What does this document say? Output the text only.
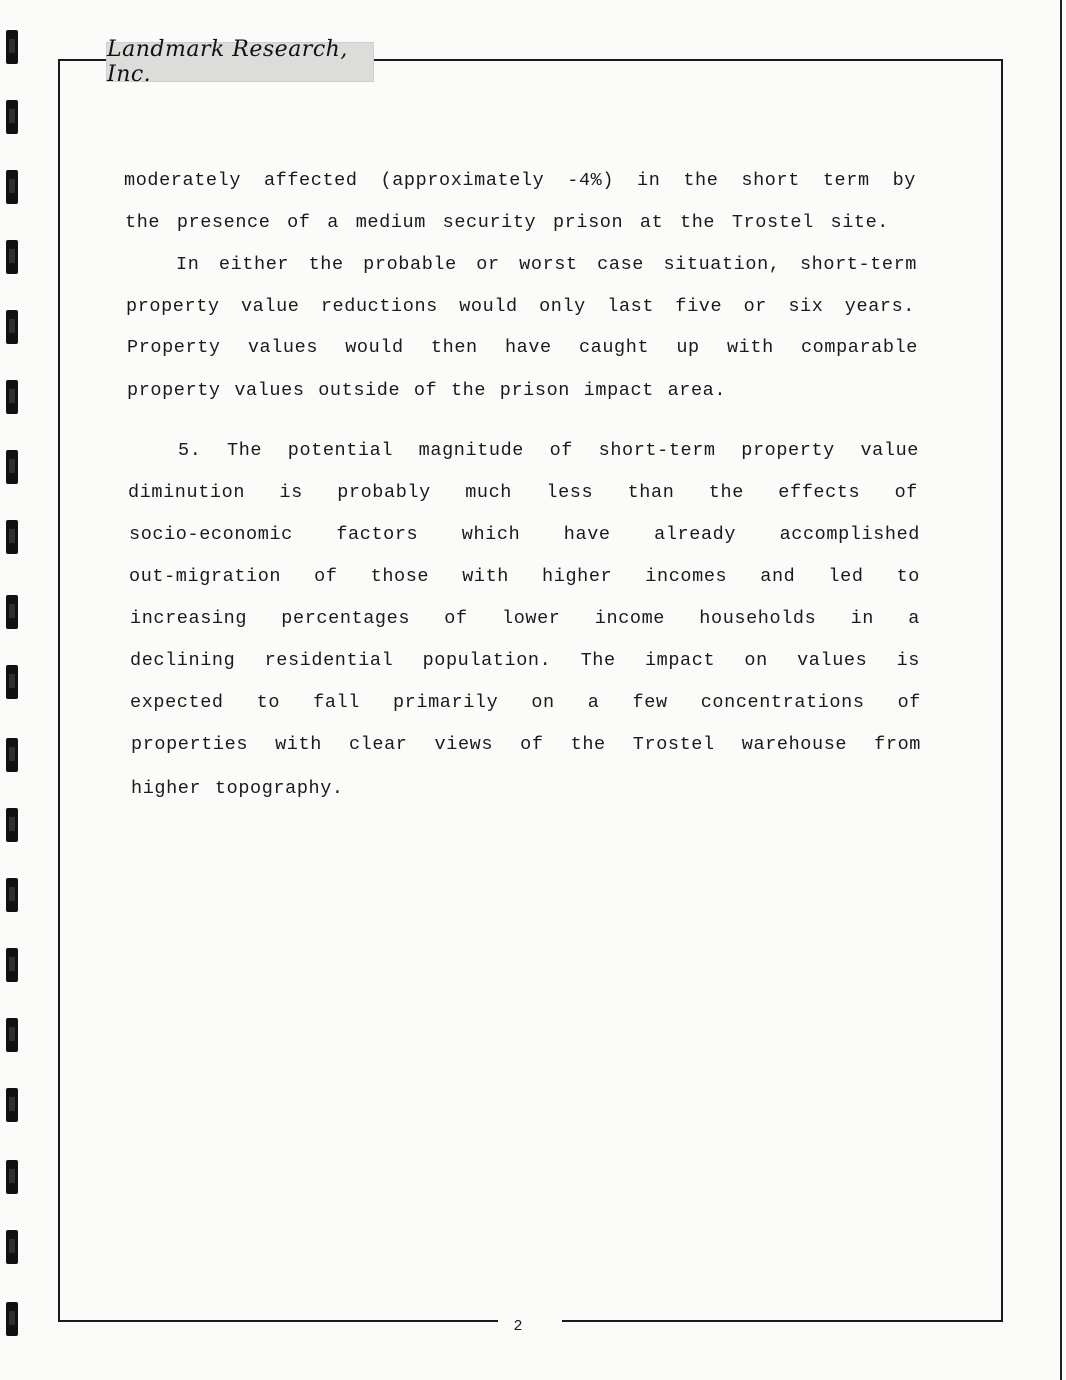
Landmark Research, Inc.
2
moderately affected (approximately -4%) in the short term by
the presence of a medium security prison at the Trostel site.
In either the probable or worst case situation, short-term
property value reductions would only last five or six years.
Property values would then have caught up with comparable
property values outside of the prison impact area.
5. The potential magnitude of short-term property value
diminution is probably much less than the effects of
socio-economic factors which have already accomplished
out-migration of those with higher incomes and led to
increasing percentages of lower income households in a
declining residential population. The impact on values is
expected to fall primarily on a few concentrations of
properties with clear views of the Trostel warehouse from
higher topography.
